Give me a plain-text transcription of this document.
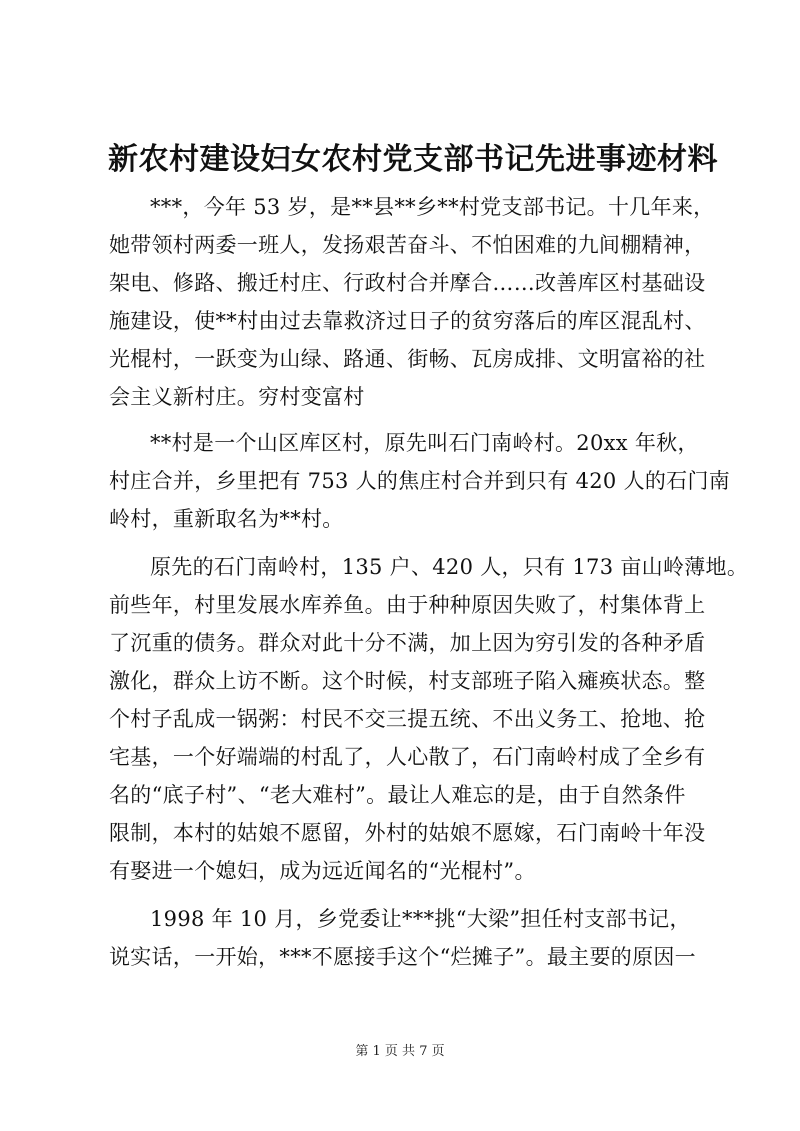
新农村建设妇女农村党支部书记先进事迹材料
***，今年 53 岁，是**县**乡**村党支部书记。十几年来，
她带领村两委一班人，发扬艰苦奋斗、不怕困难的九间棚精神，
架电、修路、搬迁村庄、行政村合并摩合……改善库区村基础设
施建设，使**村由过去靠救济过日子的贫穷落后的库区混乱村、
光棍村，一跃变为山绿、路通、街畅、瓦房成排、文明富裕的社
会主义新村庄。穷村变富村
**村是一个山区库区村，原先叫石门南岭村。20xx 年秋，
村庄合并，乡里把有 753 人的焦庄村合并到只有 420 人的石门南
岭村，重新取名为**村。
原先的石门南岭村，135 户、420 人，只有 173 亩山岭薄地。
前些年，村里发展水库养鱼。由于种种原因失败了，村集体背上
了沉重的债务。群众对此十分不满，加上因为穷引发的各种矛盾
激化，群众上访不断。这个时候，村支部班子陷入瘫痪状态。整
个村子乱成一锅粥：村民不交三提五统、不出义务工、抢地、抢
宅基，一个好端端的村乱了，人心散了，石门南岭村成了全乡有
名的“底子村”、“老大难村”。最让人难忘的是，由于自然条件
限制，本村的姑娘不愿留，外村的姑娘不愿嫁，石门南岭十年没
有娶进一个媳妇，成为远近闻名的“光棍村”。
1998 年 10 月，乡党委让***挑“大梁”担任村支部书记，
说实话，一开始，***不愿接手这个“烂摊子”。最主要的原因一
第 1 页 共 7 页
